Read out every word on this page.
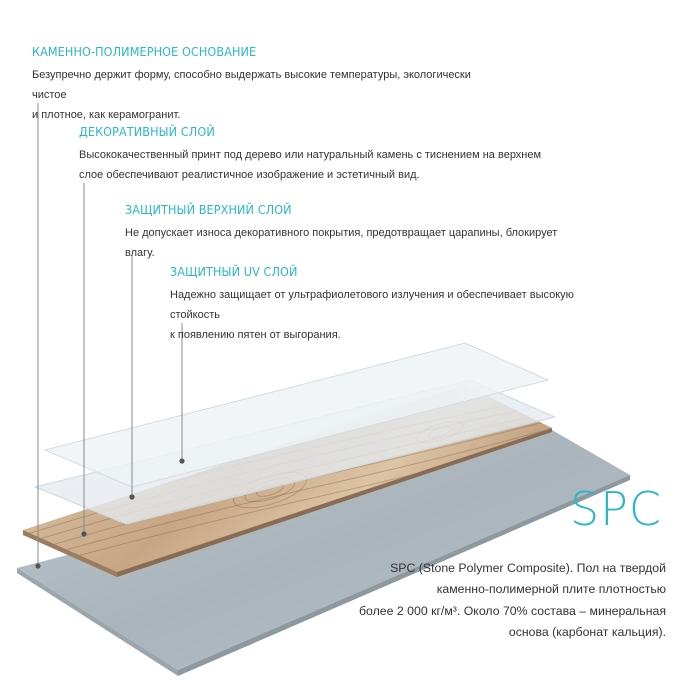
КАМЕННО-ПОЛИМЕРНОЕ ОСНОВАНИЕ
Безупречно держит форму, способно выдержать высокие температуры, экологически чистое
и плотное, как керамогранит.
ДЕКОРАТИВНЫЙ СЛОЙ
Высококачественный принт под дерево или натуральный камень с тиснением на верхнем
слое обеспечивают реалистичное изображение и эстетичный вид.
ЗАЩИТНЫЙ ВЕРХНИЙ СЛОЙ
Не допускает износа декоративного покрытия, предотвращает царапины, блокирует влагу.
ЗАЩИТНЫЙ UV СЛОЙ
Надежно защищает от ультрафиолетового излучения и обеспечивает высокую стойкость
к появлению пятен от выгорания.
SPC
SPC (Stone Polymer Composite). Пол на твердой
каменно-полимерной плите плотностью
более 2 000 кг/м³. Около 70% состава – минеральная
основа (карбонат кальция).
